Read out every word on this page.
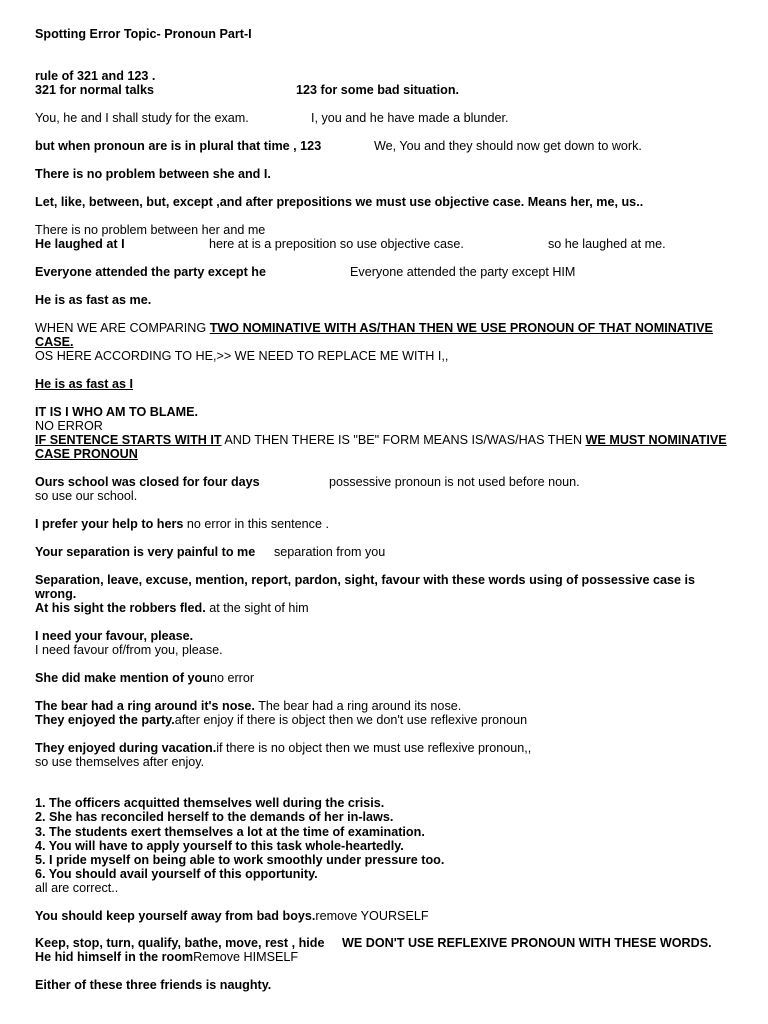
Spotting Error Topic- Pronoun Part-I
rule of 321 and 123 .
321 for normal talks	123 for some bad situation.
You, he and I shall study for the exam.	I, you and he have made a blunder.
but when pronoun are is in plural that time , 123	We, You and they should now get down to work.
There is no problem between she and I.
Let, like, between, but, except ,and after prepositions we must use objective case. Means her, me, us..
There is no problem between her and me
He laughed at I	here at is a preposition so use objective case.	so he laughed at me.
Everyone attended the party except he	Everyone attended the party except HIM
He is as fast as me.
WHEN WE ARE COMPARING TWO NOMINATIVE WITH AS/THAN THEN WE USE PRONOUN OF THAT NOMINATIVE
CASE.
OS HERE ACCORDING TO HE,>> WE NEED TO REPLACE ME WITH I,,
He is as fast as I
IT IS I WHO AM TO BLAME.
NO ERROR
IF SENTENCE STARTS WITH IT AND THEN THERE IS "BE" FORM MEANS IS/WAS/HAS THEN WE MUST NOMINATIVE
CASE PRONOUN
Ours school was closed for four days	possessive pronoun is not used before noun.
so use our school.
I prefer your help to hers no error in this sentence .
Your separation is very painful to me separation from you
Separation, leave, excuse, mention, report, pardon, sight, favour with these words using of possessive case is
wrong.
At his sight the robbers fled. at the sight of him
I need your favour, please.
I need favour of/from you, please.
She did make mention of youno error
The bear had a ring around it's nose. The bear had a ring around its nose.
They enjoyed the party.after enjoy if there is object then we don't use reflexive pronoun
They enjoyed during vacation.if there is no object then we must use reflexive pronoun,,
so use themselves after enjoy.
1. The officers acquitted themselves well during the crisis.
2. She has reconciled herself to the demands of her in-laws.
3. The students exert themselves a lot at the time of examination.
4. You will have to apply yourself to this task whole-heartedly.
5. I pride myself on being able to work smoothly under pressure too.
6. You should avail yourself of this opportunity.
all are correct..
You should keep yourself away from bad boys.remove YOURSELF
Keep, stop, turn, qualify, bathe, move, rest , hide WE DON'T USE REFLEXIVE PRONOUN WITH THESE WORDS.
He hid himself in the roomRemove HIMSELF
Either of these three friends is naughty.
